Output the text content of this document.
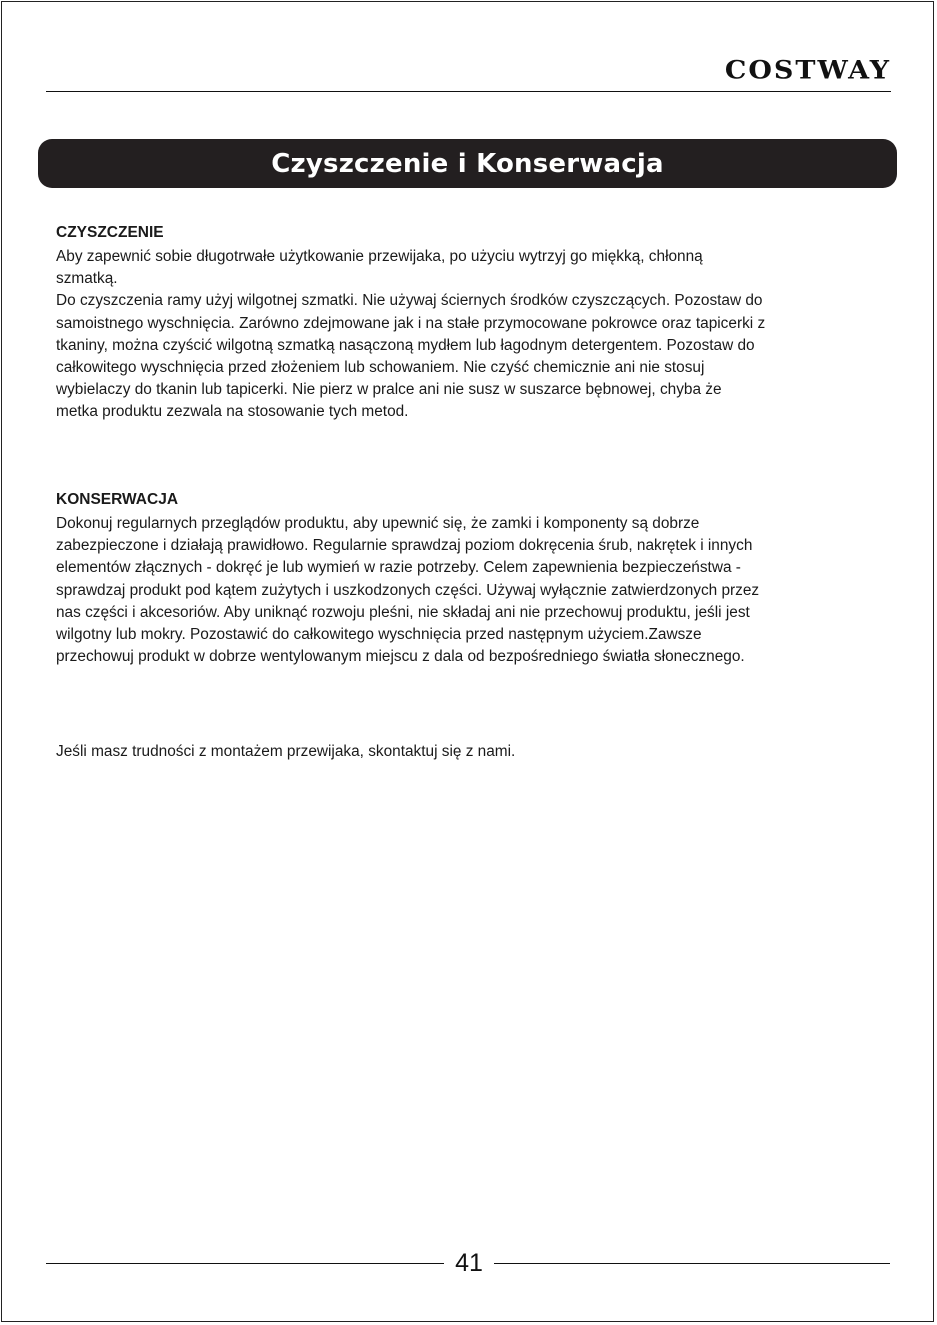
COSTWAY
Czyszczenie i Konserwacja
CZYSZCZENIE
Aby zapewnić sobie długotrwałe użytkowanie przewijaka, po użyciu wytrzyj go miękką, chłonną
szmatką.
Do czyszczenia ramy użyj wilgotnej szmatki. Nie używaj ściernych środków czyszczących. Pozostaw do
samoistnego wyschnięcia. Zarówno zdejmowane jak i na stałe przymocowane pokrowce oraz tapicerki z
tkaniny, można czyścić wilgotną szmatką nasączoną mydłem lub łagodnym detergentem. Pozostaw do
całkowitego wyschnięcia przed złożeniem lub schowaniem. Nie czyść chemicznie ani nie stosuj
wybielaczy do tkanin lub tapicerki. Nie pierz w pralce ani nie susz w suszarce bębnowej, chyba że
metka produktu zezwala na stosowanie tych metod.
KONSERWACJA
Dokonuj regularnych przeglądów produktu, aby upewnić się, że zamki i komponenty są dobrze
zabezpieczone i działają prawidłowo. Regularnie sprawdzaj poziom dokręcenia śrub, nakrętek i innych
elementów złącznych - dokręć je lub wymień w razie potrzeby. Celem zapewnienia bezpieczeństwa -
sprawdzaj produkt pod kątem zużytych i uszkodzonych części. Używaj wyłącznie zatwierdzonych przez
nas części i akcesoriów. Aby uniknąć rozwoju pleśni, nie składaj ani nie przechowuj produktu, jeśli jest
wilgotny lub mokry. Pozostawić do całkowitego wyschnięcia przed następnym użyciem.Zawsze
przechowuj produkt w dobrze wentylowanym miejscu z dala od bezpośredniego światła słonecznego.
Jeśli masz trudności z montażem przewijaka, skontaktuj się z nami.
41
